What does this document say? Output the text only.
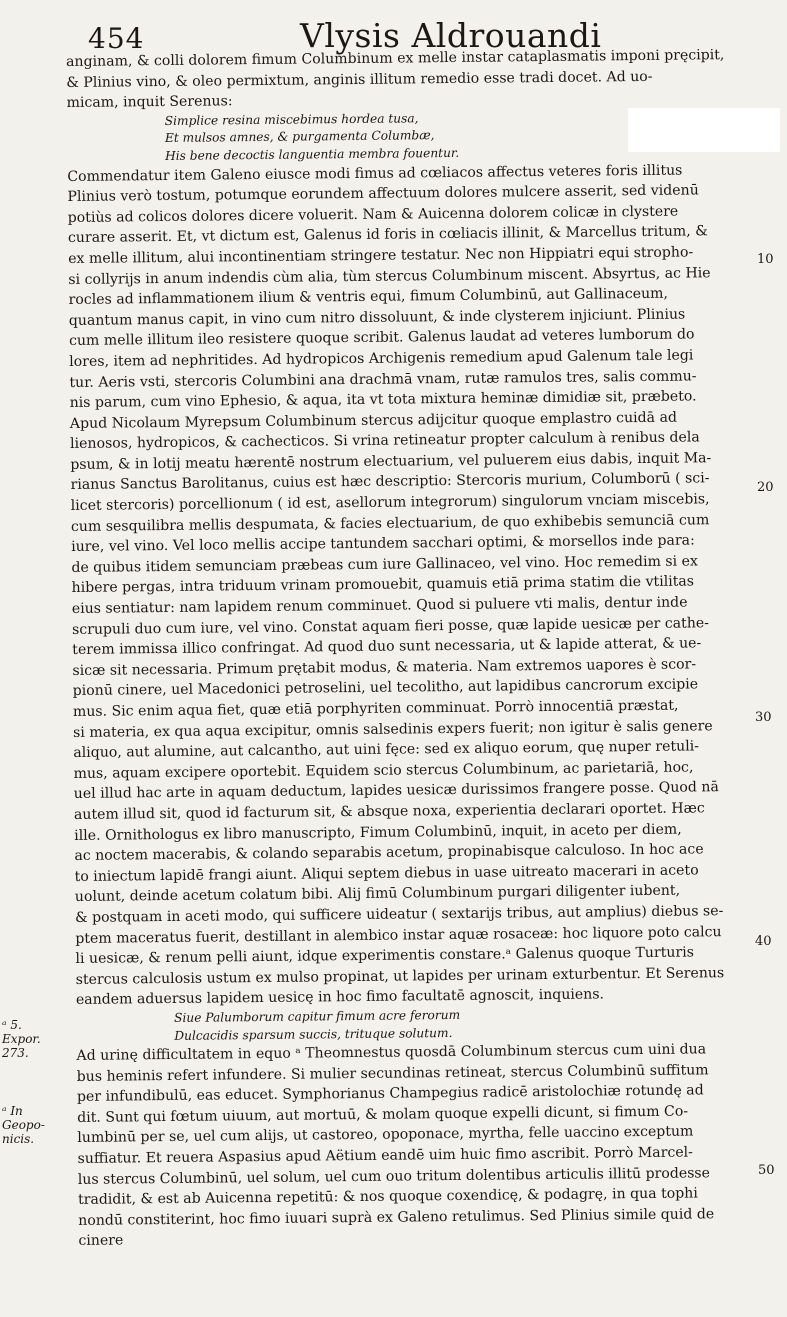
454	Vlysis Aldrouandi
anginam, & colli dolorem fimum Columbinum ex melle instar cataplasmatis imponi pręcipit,
& Plinius vino, & oleo permixtum, anginis illitum remedio esse tradi docet. Ad uo-
micam, inquit Serenus:
Simplice resina miscebimus hordea tusa,
Et mulsos amnes, & purgamenta Columbæ,
His bene decoctis languentia membra fouentur.
Commendatur item Galeno eiusce modi fimus ad cœliacos affectus veteres foris illitus
Plinius verò tostum, potumque eorundem affectuum dolores mulcere asserit, sed videnū
potiùs ad colicos dolores dicere voluerit. Nam & Auicenna dolorem colicæ in clystere
curare asserit. Et, vt dictum est, Galenus id foris in cœliacis illinit, & Marcellus tritum, &
ex melle illitum, alui incontinentiam stringere testatur. Nec non Hippiatri equi stropho-
si collyrijs in anum indendis cùm alia, tùm stercus Columbinum miscent. Absyrtus, ac Hie
rocles ad inflammationem ilium & ventris equi, fimum Columbinū, aut Gallinaceum,
quantum manus capit, in vino cum nitro dissoluunt, & inde clysterem injiciunt. Plinius
cum melle illitum ileo resistere quoque scribit. Galenus laudat ad veteres lumborum do
lores, item ad nephritides. Ad hydropicos Archigenis remedium apud Galenum tale legi
tur. Aeris vsti, stercoris Columbini ana drachmā vnam, rutæ ramulos tres, salis commu-
nis parum, cum vino Ephesio, & aqua, ita vt tota mixtura heminæ dimidiæ sit, præbeto.
Apud Nicolaum Myrepsum Columbinum stercus adijcitur quoque emplastro cuidā ad
lienosos, hydropicos, & cachecticos. Si vrina retineatur propter calculum à renibus dela
psum, & in lotij meatu hærentē nostrum electuarium, vel puluerem eius dabis, inquit Ma-
rianus Sanctus Barolitanus, cuius est hæc descriptio: Stercoris murium, Columborū ( sci-
licet stercoris) porcellionum ( id est, asellorum integrorum) singulorum vnciam miscebis,
cum sesquilibra mellis despumata, & facies electuarium, de quo exhibebis semunciā cum
iure, vel vino. Vel loco mellis accipe tantundem sacchari optimi, & morsellos inde para:
de quibus itidem semunciam præbeas cum iure Gallinaceo, vel vino. Hoc remedim si ex
hibere pergas, intra triduum vrinam promouebit, quamuis etiā prima statim die vtilitas
eius sentiatur: nam lapidem renum comminuet. Quod si puluere vti malis, dentur inde
scrupuli duo cum iure, vel vino. Constat aquam fieri posse, quæ lapide uesicæ per cathe-
terem immissa illico confringat. Ad quod duo sunt necessaria, ut & lapide atterat, & ue-
sicæ sit necessaria. Primum prętabit modus, & materia. Nam extremos uapores è scor-
pionū cinere, uel Macedonici petroselini, uel tecolitho, aut lapidibus cancrorum excipie
mus. Sic enim aqua fiet, quæ etiā porphyriten comminuat. Porrò innocentiā præstat,
si materia, ex qua aqua excipitur, omnis salsedinis expers fuerit; non igitur è salis genere
aliquo, aut alumine, aut calcantho, aut uini fęce: sed ex aliquo eorum, quę nuper retuli-
mus, aquam excipere oportebit. Equidem scio stercus Columbinum, ac parietariā, hoc,
uel illud hac arte in aquam deductum, lapides uesicæ durissimos frangere posse. Quod nā
autem illud sit, quod id facturum sit, & absque noxa, experientia declarari oportet. Hæc
ille. Ornithologus ex libro manuscripto, Fimum Columbinū, inquit, in aceto per diem,
ac noctem macerabis, & colando separabis acetum, propinabisque calculoso. In hoc ace
to iniectum lapidē frangi aiunt. Aliqui septem diebus in uase uitreato macerari in aceto
uolunt, deinde acetum colatum bibi. Alij fimū Columbinum purgari diligenter iubent,
& postquam in aceti modo, qui sufficere uideatur ( sextarijs tribus, aut amplius) diebus se-
ptem maceratus fuerit, destillant in alembico instar aquæ rosaceæ: hoc liquore poto calcu
li uesicæ, & renum pelli aiunt, idque experimentis constare.ᵃ Galenus quoque Turturis
stercus calculosis ustum ex mulso propinat, ut lapides per urinam exturbentur. Et Serenus
eandem aduersus lapidem uesicę in hoc fimo facultatē agnoscit, inquiens.
Siue Palumborum capitur fimum acre ferorum
Dulcacidis sparsum succis, trituque solutum.
Ad urinę difficultatem in equo ᵃ Theomnestus quosdā Columbinum stercus cum uini dua
bus heminis refert infundere. Si mulier secundinas retineat, stercus Columbinū suffitum
per infundibulū, eas educet. Symphorianus Champegius radicē aristolochiæ rotundę ad
dit. Sunt qui fœtum uiuum, aut mortuū, & molam quoque expelli dicunt, si fimum Co-
lumbinū per se, uel cum alijs, ut castoreo, opoponace, myrtha, felle uaccino exceptum
suffiatur. Et reuera Aspasius apud Aëtium eandē uim huic fimo ascribit. Porrò Marcel-
lus stercus Columbinū, uel solum, uel cum ouo tritum dolentibus articulis illitū prodesse
tradidit, & est ab Auicenna repetitū: & nos quoque coxendicę, & podagrę, in qua tophi
nondū constiterint, hoc fimo iuuari suprà ex Galeno retulimus. Sed Plinius simile quid de
cinere
10
20
30
40
50
ᵃ 5. Expor. 273.
ᵃ In Geopo- nicis.
